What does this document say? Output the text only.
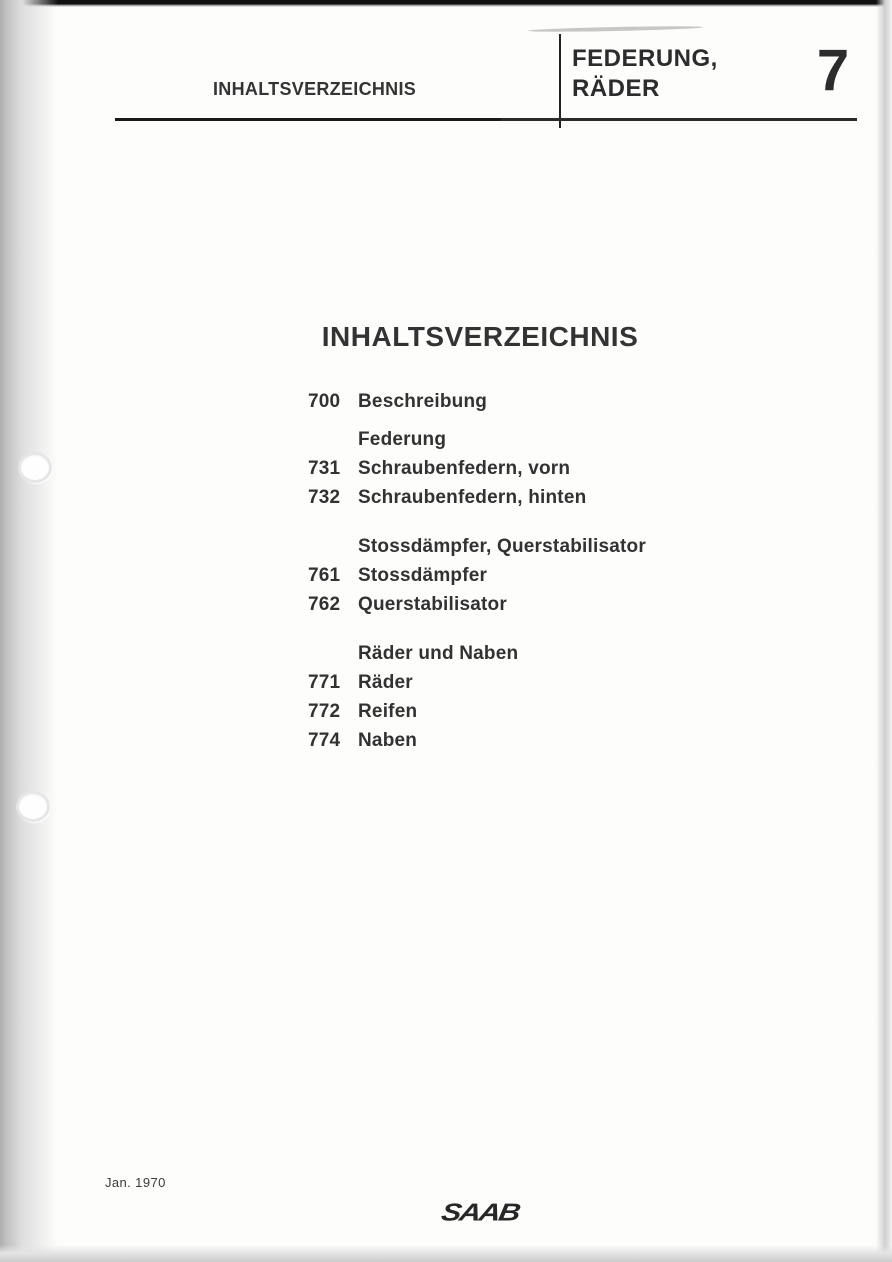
INHALTSVERZEICHNIS
FEDERUNG,
RÄDER	7
INHALTSVERZEICHNIS
700 Beschreibung
Federung
731 Schraubenfedern, vorn
732 Schraubenfedern, hinten
Stossdämpfer, Querstabilisator
761 Stossdämpfer
762 Querstabilisator
Räder und Naben
771 Räder
772 Reifen
774 Naben
Jan. 1970
SAAB
